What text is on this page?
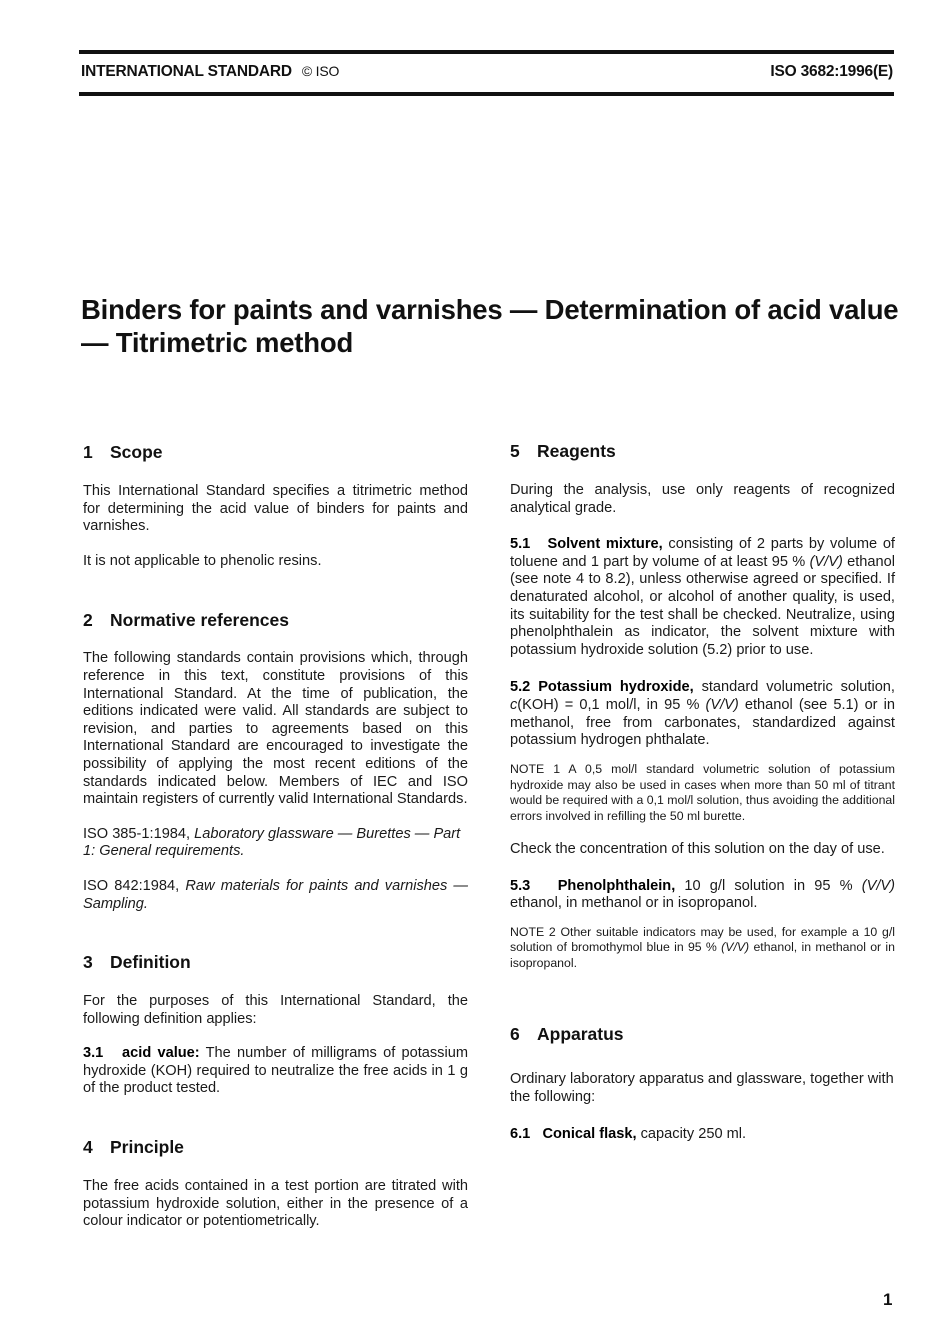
INTERNATIONAL STANDARD © ISO	ISO 3682:1996(E)
Binders for paints and varnishes — Determination of acid value — Titrimetric method
1 Scope

This International Standard specifies a titrimetric method for determining the acid value of binders for paints and varnishes.

It is not applicable to phenolic resins.

2 Normative references

The following standards contain provisions which, through reference in this text, constitute provisions of this International Standard. At the time of publication, the editions indicated were valid. All standards are subject to revision, and parties to agreements based on this International Standard are encouraged to investigate the possibility of applying the most recent editions of the standards indicated below. Members of IEC and ISO maintain registers of currently valid International Standards.

ISO 385-1:1984, Laboratory glassware — Burettes — Part 1: General requirements.

ISO 842:1984, Raw materials for paints and varnishes — Sampling.

3 Definition

For the purposes of this International Standard, the following definition applies:

3.1 acid value: The number of milligrams of potassium hydroxide (KOH) required to neutralize the free acids in 1 g of the product tested.

4 Principle

The free acids contained in a test portion are titrated with potassium hydroxide solution, either in the presence of a colour indicator or potentiometrically.

5 Reagents

During the analysis, use only reagents of recognized analytical grade.

5.1 Solvent mixture, consisting of 2 parts by volume of toluene and 1 part by volume of at least 95 % (V/V) ethanol (see note 4 to 8.2), unless otherwise agreed or specified. If denaturated alcohol, or alcohol of another quality, is used, its suitability for the test shall be checked. Neutralize, using phenolphthalein as indicator, the solvent mixture with potassium hydroxide solution (5.2) prior to use.

5.2 Potassium hydroxide, standard volumetric solution, c(KOH) = 0,1 mol/l, in 95 % (V/V) ethanol (see 5.1) or in methanol, free from carbonates, standardized against potassium hydrogen phthalate.

NOTE 1 A 0,5 mol/l standard volumetric solution of potassium hydroxide may also be used in cases when more than 50 ml of titrant would be required with a 0,1 mol/l solution, thus avoiding the additional errors involved in refilling the 50 ml burette.

Check the concentration of this solution on the day of use.

5.3 Phenolphthalein, 10 g/l solution in 95 % (V/V) ethanol, in methanol or in isopropanol.

NOTE 2 Other suitable indicators may be used, for example a 10 g/l solution of bromothymol blue in 95 % (V/V) ethanol, in methanol or in isopropanol.

6 Apparatus

Ordinary laboratory apparatus and glassware, together with the following:

6.1 Conical flask, capacity 250 ml.

1
